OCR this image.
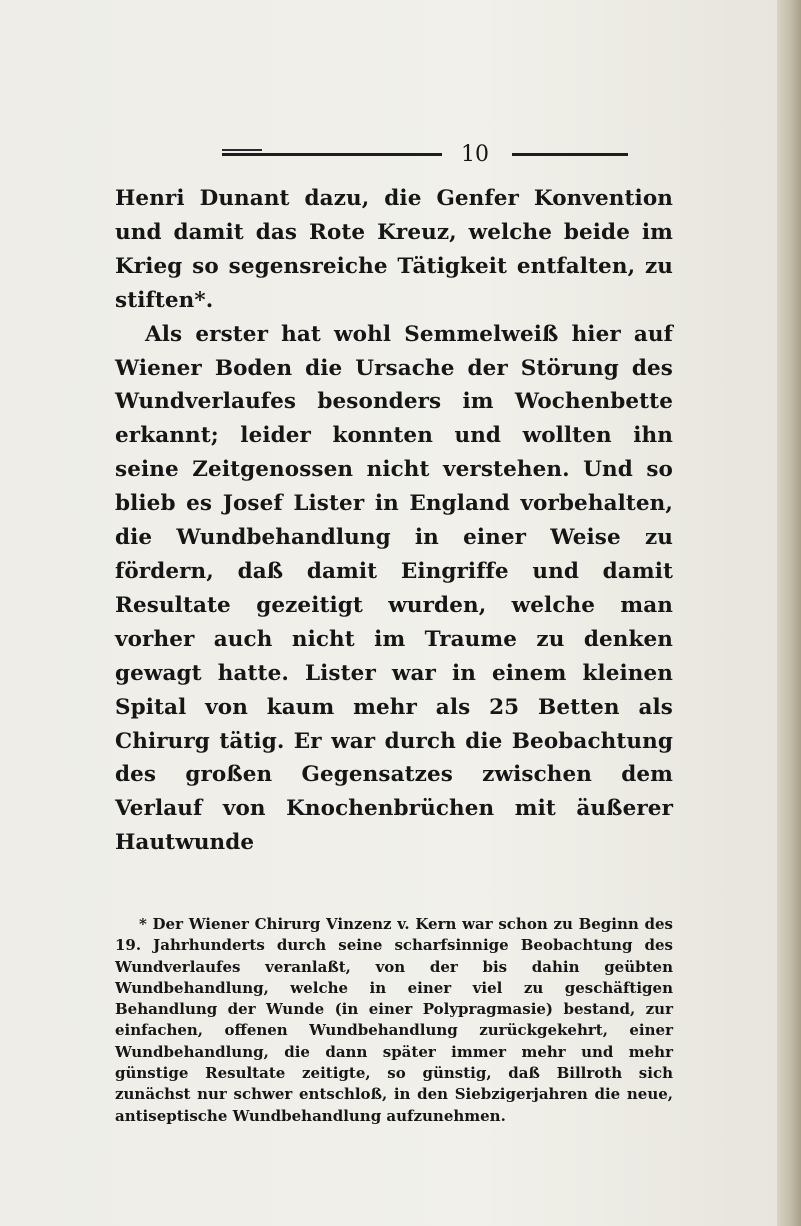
10

Henri Dunant dazu, die Genfer Konvention und damit das Rote Kreuz, welche beide im Krieg so segensreiche Tätigkeit entfalten, zu stiften*.

Als erster hat wohl Semmelweiß hier auf Wiener Boden die Ursache der Störung des Wundverlaufes besonders im Wochenbette erkannt; leider konnten und wollten ihn seine Zeitgenossen nicht verstehen. Und so blieb es Josef Lister in England vorbehalten, die Wundbehandlung in einer Weise zu fördern, daß damit Eingriffe und damit Resultate gezeitigt wurden, welche man vorher auch nicht im Traume zu denken gewagt hatte. Lister war in einem kleinen Spital von kaum mehr als 25 Betten als Chirurg tätig. Er war durch die Beobachtung des großen Gegensatzes zwischen dem Verlauf von Knochenbrüchen mit äußerer Hautwunde

* Der Wiener Chirurg Vinzenz v. Kern war schon zu Beginn des 19. Jahrhunderts durch seine scharfsinnige Beobachtung des Wundverlaufes veranlaßt, von der bis dahin geübten Wundbehandlung, welche in einer viel zu geschäftigen Behandlung der Wunde (in einer Polypragmasie) bestand, zur einfachen, offenen Wundbehandlung zurückgekehrt, einer Wundbehandlung, die dann später immer mehr und mehr günstige Resultate zeitigte, so günstig, daß Billroth sich zunächst nur schwer entschloß, in den Siebzigerjahren die neue, antiseptische Wundbehandlung aufzunehmen.
